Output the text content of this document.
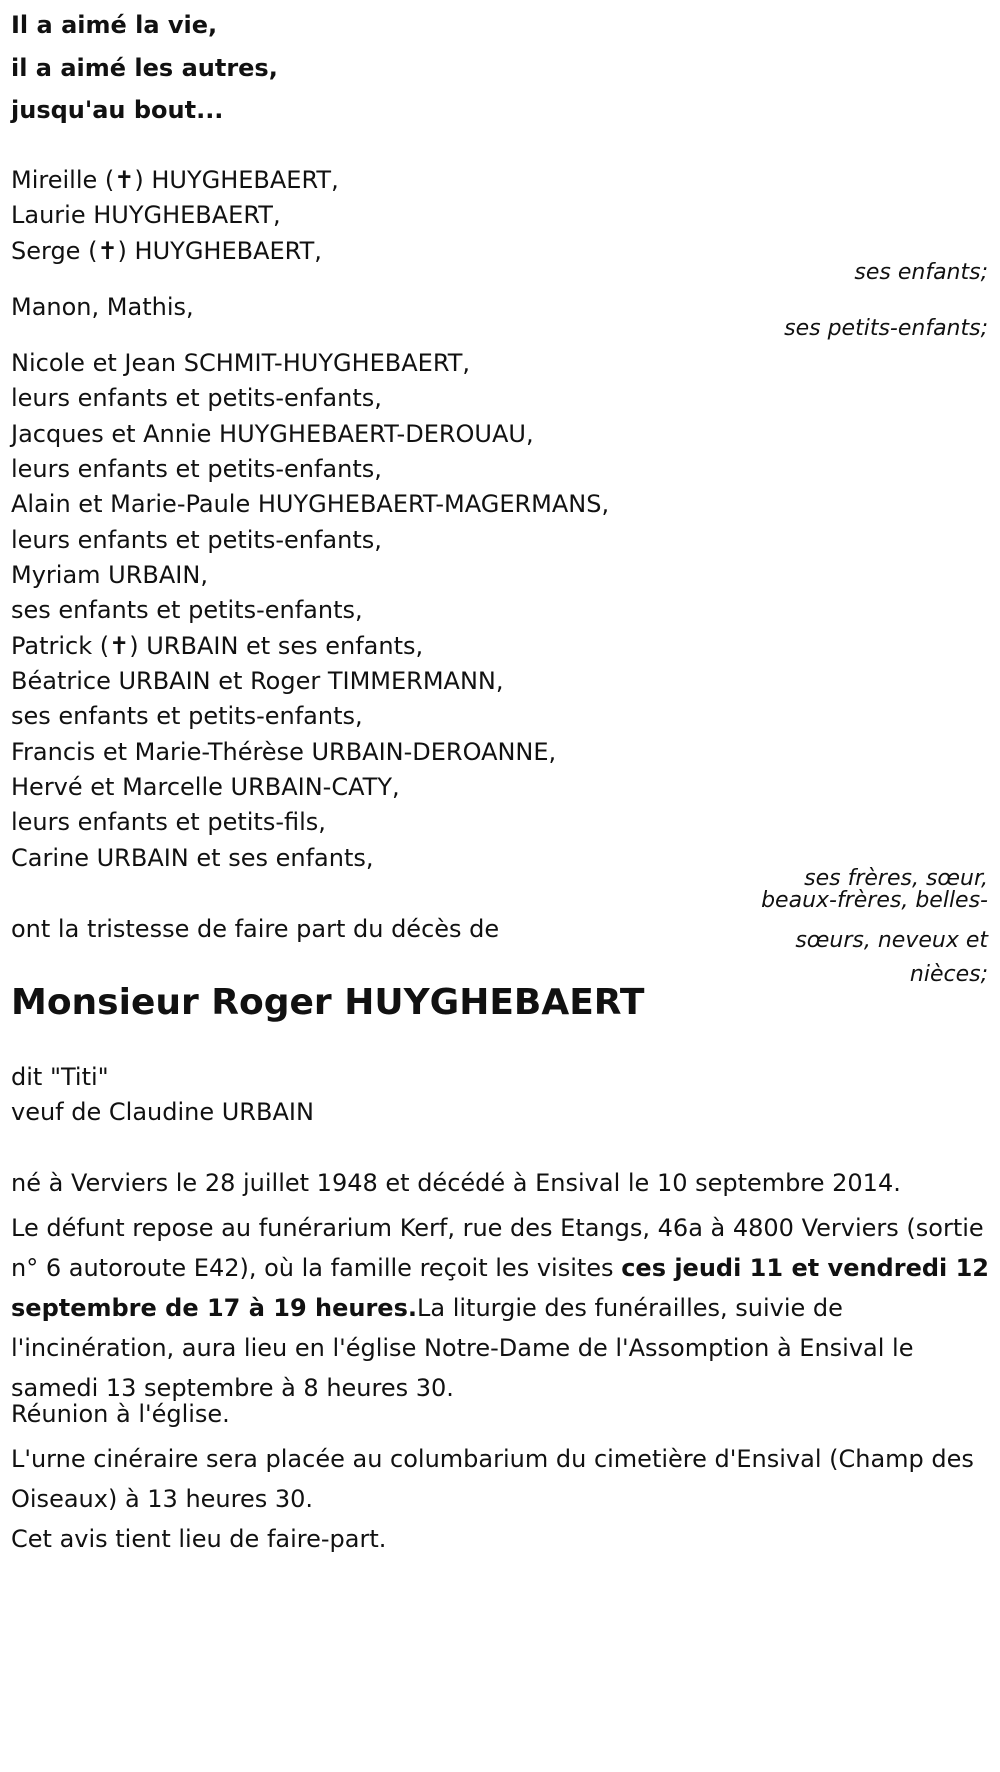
Il a aimé la vie,
il a aimé les autres,
jusqu'au bout...
Mireille (✝) HUYGHEBAERT,
Laurie HUYGHEBAERT,
Serge (✝) HUYGHEBAERT,
ses enfants;
Manon, Mathis,
ses petits-enfants;
Nicole et Jean SCHMIT-HUYGHEBAERT,
leurs enfants et petits-enfants,
Jacques et Annie HUYGHEBAERT-DEROUAU,
leurs enfants et petits-enfants,
Alain et Marie-Paule HUYGHEBAERT-MAGERMANS,
leurs enfants et petits-enfants,
Myriam URBAIN,
ses enfants et petits-enfants,
Patrick (✝) URBAIN et ses enfants,
Béatrice URBAIN et Roger TIMMERMANN,
ses enfants et petits-enfants,
Francis et Marie-Thérèse URBAIN-DEROANNE,
Hervé et Marcelle URBAIN-CATY,
leurs enfants et petits-fils,
Carine URBAIN et ses enfants,
ses frères, sœur,
beaux-frères, belles-
sœurs, neveux et
nièces;
ont la tristesse de faire part du décès de
Monsieur Roger HUYGHEBAERT
dit "Titi"
veuf de Claudine URBAIN
né à Verviers le 28 juillet 1948 et décédé à Ensival le 10 septembre 2014.
Le défunt repose au funérarium Kerf, rue des Etangs, 46a à 4800 Verviers (sortie n° 6 autoroute E42), où la famille reçoit les visites ces jeudi 11 et vendredi 12 septembre de 17 à 19 heures.La liturgie des funérailles, suivie de l'incinération, aura lieu en l'église Notre-Dame de l'Assomption à Ensival le samedi 13 septembre à 8 heures 30.
Réunion à l'église.
L'urne cinéraire sera placée au columbarium du cimetière d'Ensival (Champ des Oiseaux) à 13 heures 30.
Cet avis tient lieu de faire-part.
